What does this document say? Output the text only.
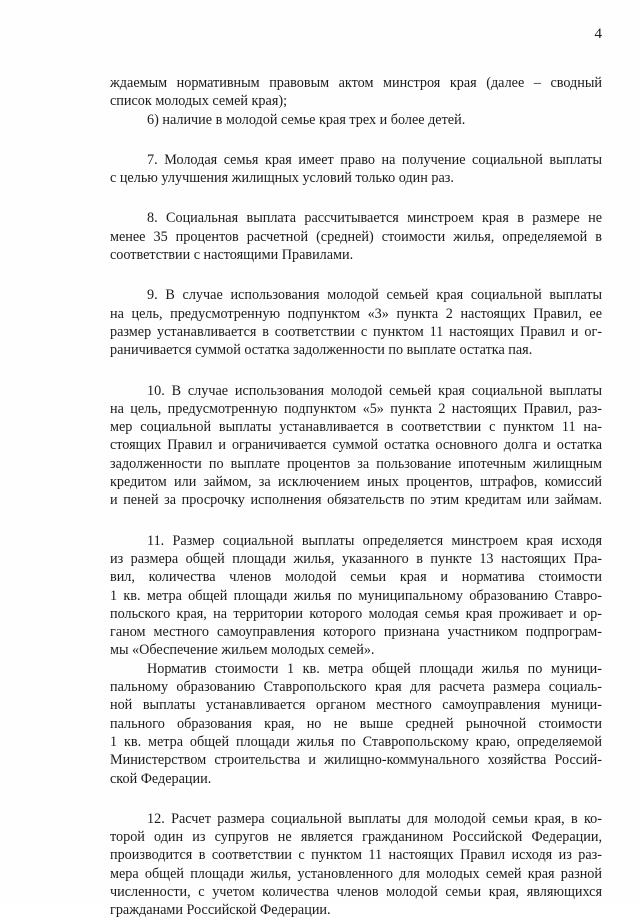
4
ждаемым нормативным правовым актом минстроя края (далее – сводный
список молодых семей края);
6) наличие в молодой семье края трех и более детей.
7. Молодая семья края имеет право на получение социальной выплаты
с целью улучшения жилищных условий только один раз.
8. Социальная выплата рассчитывается минстроем края в размере не
менее 35 процентов расчетной (средней) стоимости жилья, определяемой в
соответствии с настоящими Правилами.
9. В случае использования молодой семьей края социальной выплаты
на цель, предусмотренную подпунктом «3» пункта 2 настоящих Правил, ее
размер устанавливается в соответствии с пунктом 11 настоящих Правил и ог-
раничивается суммой остатка задолженности по выплате остатка пая.
10. В случае использования молодой семьей края социальной выплаты
на цель, предусмотренную подпунктом «5» пункта 2 настоящих Правил, раз-
мер социальной выплаты устанавливается в соответствии с пунктом 11 на-
стоящих Правил и ограничивается суммой остатка основного долга и остатка
задолженности по выплате процентов за пользование ипотечным жилищным
кредитом или займом, за исключением иных процентов, штрафов, комиссий
и пеней за просрочку исполнения обязательств по этим кредитам или займам.
11. Размер социальной выплаты определяется минстроем края исходя
из размера общей площади жилья, указанного в пункте 13 настоящих Пра-
вил, количества членов молодой семьи края и норматива стоимости
1 кв. метра общей площади жилья по муниципальному образованию Ставро-
польского края, на территории которого молодая семья края проживает и ор-
ганом местного самоуправления которого признана участником подпрограм-
мы «Обеспечение жильем молодых семей».
Норматив стоимости 1 кв. метра общей площади жилья по муници-
пальному образованию Ставропольского края для расчета размера социаль-
ной выплаты устанавливается органом местного самоуправления муници-
пального образования края, но не выше средней рыночной стоимости
1 кв. метра общей площади жилья по Ставропольскому краю, определяемой
Министерством строительства и жилищно-коммунального хозяйства Россий-
ской Федерации.
12. Расчет размера социальной выплаты для молодой семьи края, в ко-
торой один из супругов не является гражданином Российской Федерации,
производится в соответствии с пунктом 11 настоящих Правил исходя из раз-
мера общей площади жилья, установленного для молодых семей края разной
численности, с учетом количества членов молодой семьи края, являющихся
гражданами Российской Федерации.
